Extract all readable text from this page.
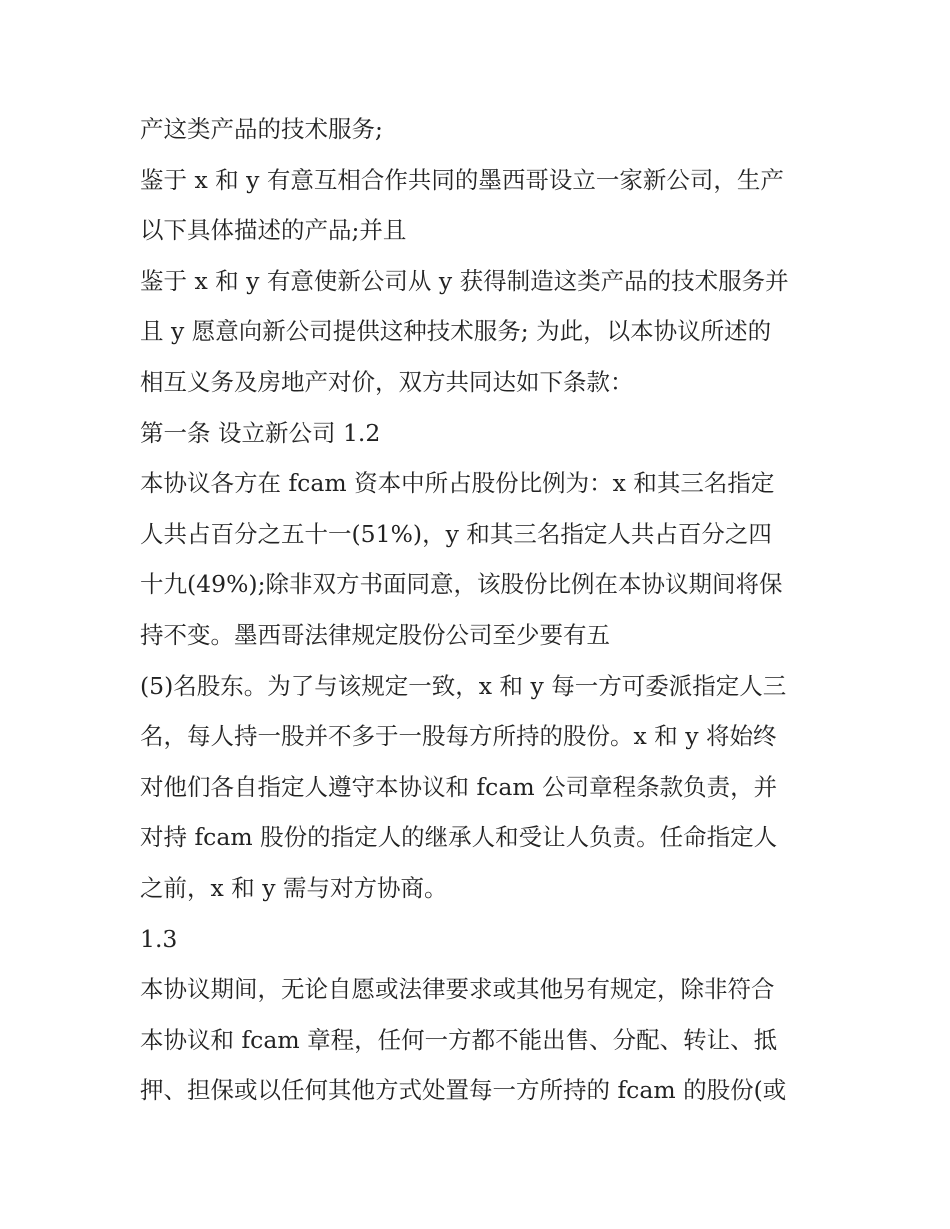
产这类产品的技术服务;
鉴于 x 和 y 有意互相合作共同的墨西哥设立一家新公司，生产
以下具体描述的产品;并且
鉴于 x 和 y 有意使新公司从 y 获得制造这类产品的技术服务并
且 y 愿意向新公司提供这种技术服务; 为此，以本协议所述的
相互义务及房地产对价，双方共同达如下条款：
第一条 设立新公司 1.2
本协议各方在 fcam 资本中所占股份比例为：x 和其三名指定
人共占百分之五十一(51%)，y 和其三名指定人共占百分之四
十九(49%);除非双方书面同意，该股份比例在本协议期间将保
持不变。墨西哥法律规定股份公司至少要有五
(5)名股东。为了与该规定一致，x 和 y 每一方可委派指定人三
名，每人持一股并不多于一股每方所持的股份。x 和 y 将始终
对他们各自指定人遵守本协议和 fcam 公司章程条款负责，并
对持 fcam 股份的指定人的继承人和受让人负责。任命指定人
之前，x 和 y 需与对方协商。
1.3
本协议期间，无论自愿或法律要求或其他另有规定，除非符合
本协议和 fcam 章程，任何一方都不能出售、分配、转让、抵
押、担保或以任何其他方式处置每一方所持的 fcam 的股份(或
